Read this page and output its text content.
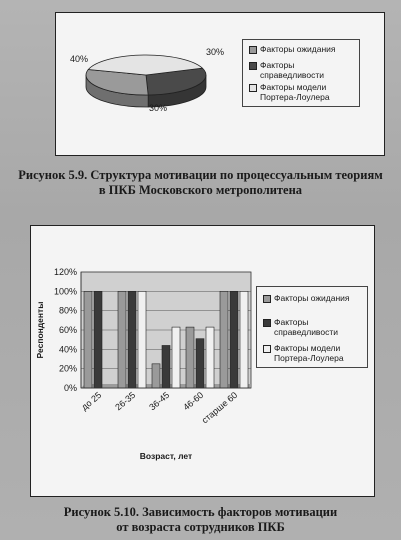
30%
30%
40%
Факторы ожидания
Факторы
справедливости
Факторы модели
Портера-Лоулера
Рисунок 5.9. Структура мотивации по процессуальным теориям
в ПКБ Московского метрополитена
0%
20%
40%
60%
80%
100%
120%
до 25 26-35 36-45 46-60
старше 60
Респонденты
Возраст, лет
Факторы ожидания
Факторы
справедливости
Факторы модели
Портера-Лоулера
Рисунок 5.10. Зависимость факторов мотивации
от возраста сотрудников ПКБ
